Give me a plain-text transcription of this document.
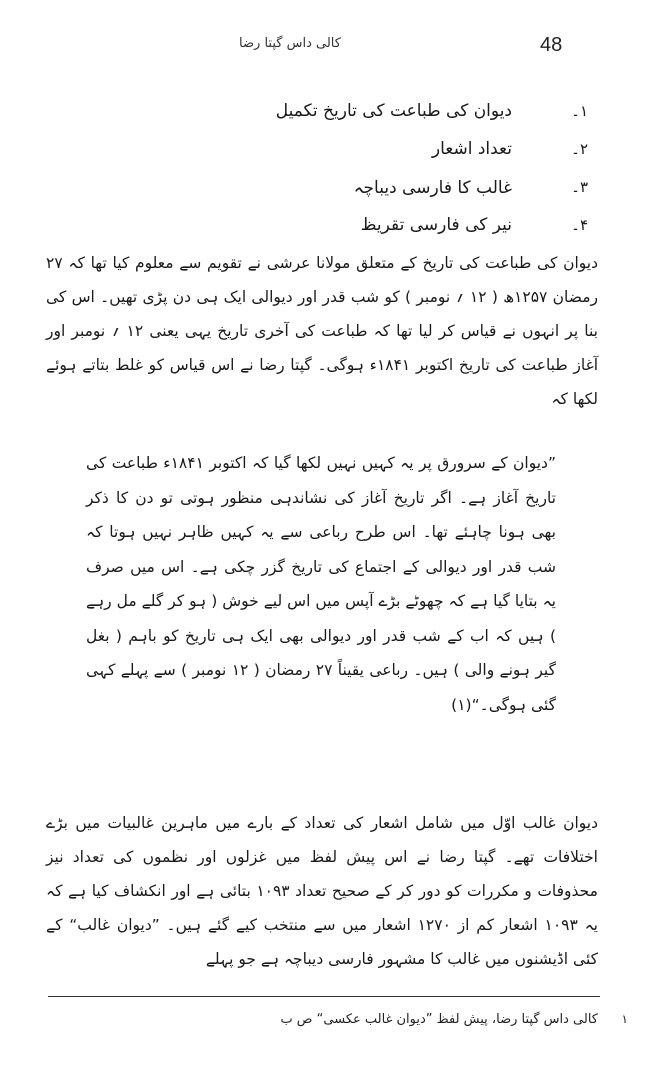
48
کالی داس گپتا رضا
۱۔
دیوان کی طباعت کی تاریخ تکمیل
۲۔
تعداد اشعار
۳۔
غالب کا فارسی دیباچہ
۴۔
نیر کی فارسی تقریظ

دیوان کی طباعت کی تاریخ کے متعلق مولانا عرشی نے تقویم سے معلوم کیا تھا کہ ۲۷ رمضان ۱۲۵۷ھ ( ۱۲ ؍ نومبر ) کو شب قدر اور دیوالی ایک ہی دن پڑی تھیں۔ اس کی بنا پر انہوں نے قیاس کر لیا تھا کہ طباعت کی آخری تاریخ یہی یعنی ۱۲ ؍ نومبر اور آغاز طباعت کی تاریخ اکتوبر ۱۸۴۱ء ہوگی۔ گپتا رضا نے اس قیاس کو غلط بتاتے ہوئے لکھا کہ

”دیوان کے سرورق پر یہ کہیں نہیں لکھا گیا کہ اکتوبر ۱۸۴۱ء طباعت کی تاریخ آغاز ہے۔ اگر تاریخ آغاز کی نشاندہی منظور ہوتی تو دن کا ذکر بھی ہونا چاہئے تھا۔ اس طرح رباعی سے یہ کہیں ظاہر نہیں ہوتا کہ شب قدر اور دیوالی کے اجتماع کی تاریخ گزر چکی ہے۔ اس میں صرف یہ بتایا گیا ہے کہ چھوٹے بڑے آپس میں اس لیے خوش ( ہو کر گلے مل رہے ) ہیں کہ اب کے شب قدر اور دیوالی بھی ایک ہی تاریخ کو باہم ( بغل گیر ہونے والی ) ہیں۔ رباعی یقیناً ۲۷ رمضان ( ۱۲ نومبر ) سے پہلے کہی گئی ہوگی۔“(۱)

دیوان غالب اوّل میں شامل اشعار کی تعداد کے بارے میں ماہرین غالبیات میں بڑے اختلافات تھے۔ گپتا رضا نے اس پیش لفظ میں غزلوں اور نظموں کی تعداد نیز محذوفات و مکررات کو دور کر کے صحیح تعداد ۱۰۹۳ بتائی ہے اور انکشاف کیا ہے کہ یہ ۱۰۹۳ اشعار کم از ۱۲۷۰ اشعار میں سے منتخب کیے گئے ہیں۔ ”دیوان غالب“ کے کئی اڈیشنوں میں غالب کا مشہور فارسی دیباچہ ہے جو پہلے

۱
کالی داس گپتا رضا، پیش لفظ ”دیوان غالب عکسی“ ص ب
